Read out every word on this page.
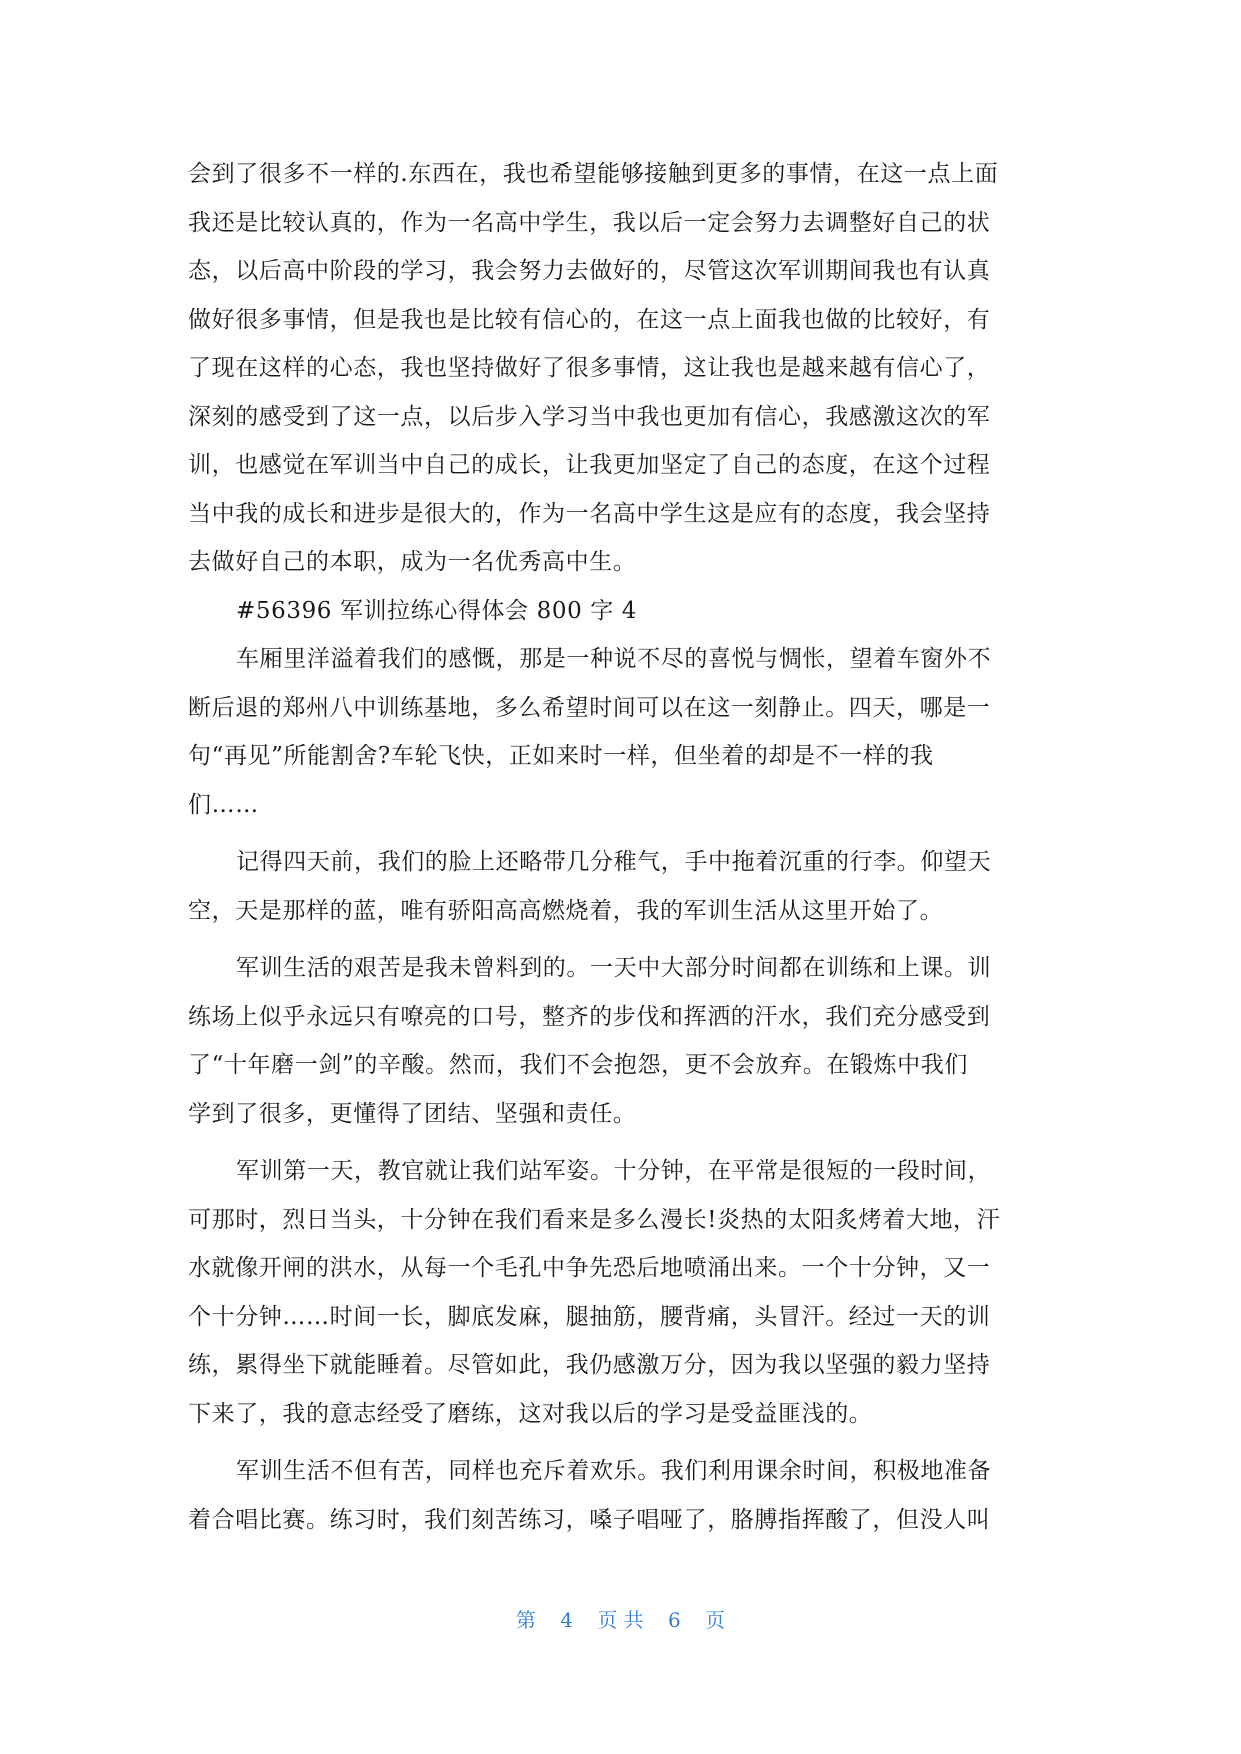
会到了很多不一样的.东西在，我也希望能够接触到更多的事情，在这一点上面
我还是比较认真的，作为一名高中学生，我以后一定会努力去调整好自己的状
态，以后高中阶段的学习，我会努力去做好的，尽管这次军训期间我也有认真
做好很多事情，但是我也是比较有信心的，在这一点上面我也做的比较好，有
了现在这样的心态，我也坚持做好了很多事情，这让我也是越来越有信心了，
深刻的感受到了这一点，以后步入学习当中我也更加有信心，我感激这次的军
训，也感觉在军训当中自己的成长，让我更加坚定了自己的态度，在这个过程
当中我的成长和进步是很大的，作为一名高中学生这是应有的态度，我会坚持
去做好自己的本职，成为一名优秀高中生。
#56396 军训拉练心得体会 800 字 4
车厢里洋溢着我们的感慨，那是一种说不尽的喜悦与惆怅，望着车窗外不
断后退的郑州八中训练基地，多么希望时间可以在这一刻静止。四天，哪是一
句“再见”所能割舍?车轮飞快，正如来时一样，但坐着的却是不一样的我
们……
记得四天前，我们的脸上还略带几分稚气，手中拖着沉重的行李。仰望天
空，天是那样的蓝，唯有骄阳高高燃烧着，我的军训生活从这里开始了。
军训生活的艰苦是我未曾料到的。一天中大部分时间都在训练和上课。训
练场上似乎永远只有嘹亮的口号，整齐的步伐和挥洒的汗水，我们充分感受到
了“十年磨一剑”的辛酸。然而，我们不会抱怨，更不会放弃。在锻炼中我们
学到了很多，更懂得了团结、坚强和责任。
军训第一天，教官就让我们站军姿。十分钟，在平常是很短的一段时间，
可那时，烈日当头，十分钟在我们看来是多么漫长!炎热的太阳炙烤着大地，汗
水就像开闸的洪水，从每一个毛孔中争先恐后地喷涌出来。一个十分钟，又一
个十分钟……时间一长，脚底发麻，腿抽筋，腰背痛，头冒汗。经过一天的训
练，累得坐下就能睡着。尽管如此，我仍感激万分，因为我以坚强的毅力坚持
下来了，我的意志经受了磨练，这对我以后的学习是受益匪浅的。
军训生活不但有苦，同样也充斥着欢乐。我们利用课余时间，积极地准备
着合唱比赛。练习时，我们刻苦练习，嗓子唱哑了，胳膊指挥酸了，但没人叫
第 4 页 共 6 页
